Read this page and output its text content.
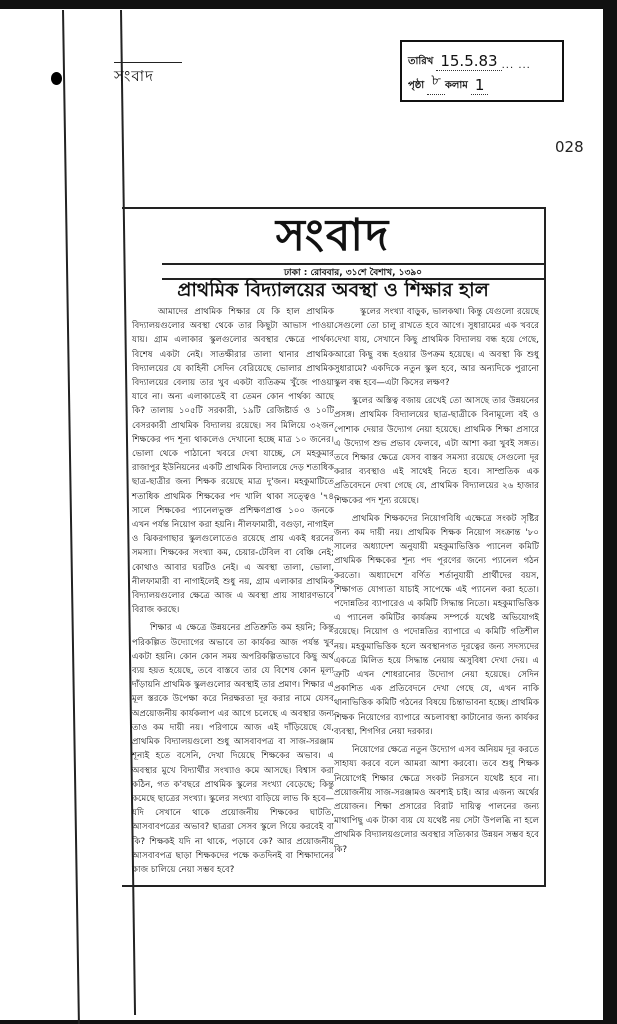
সংবাদ
তারিখ 15.5.83 ... ...
পৃষ্ঠা ৮ কলাম 1
028
সংবাদ
ঢাকা : রোববার, ৩১শে বৈশাখ, ১৩৯০
প্রাথমিক বিদ্যালয়ের অবস্থা ও শিক্ষার হাল

আমাদের প্রাথমিক শিক্ষার যে কি হাল প্রাথমিক বিদ্যালয়গুলোর অবস্থা থেকে তার কিছুটা আভাস পাওয়া যায়। গ্রাম এলাকার স্কুলগুলোর অবস্থার ক্ষেত্রে পার্থক্য বিশেষ একটা নেই। সাতক্ষীরার তালা থানার প্রাথমিক বিদ্যালয়ের যে কাহিনী সেদিন বেরিয়েছে ভোলার প্রাথমিক বিদ্যালয়ের বেলায় তার খুব একটা ব্যতিক্রম খুঁজে পাওয়া যাবে না। অন্য এলাকাতেই বা তেমন কোন পার্থক্য আছে কি? তালায় ১০৫টি সরকারী, ১৯টি রেজিষ্টার্ড ও ১০টি বেসরকারী প্রাথমিক বিদ্যালয় রয়েছে। সব মিলিয়ে ৩২জন শিক্ষকের পদ শূন্য থাকলেও দেখানো হচ্ছে মাত্র ১০ জনের। ভোলা থেকে পাঠানো খবরে দেখা যাচ্ছে, সে মহকুমার রাজাপুর ইউনিয়নের একটি প্রাথমিক বিদ্যালয়ে দেড় শতাধিক ছাত্র-ছাত্রীর জন্য শিক্ষক রয়েছে মাত্র দু'জন। মহকুমাটিতে শতাধিক প্রাথমিক শিক্ষকের পদ খালি থাকা সত্ত্বেও '৭৪ সালে শিক্ষকের প্যানেলভুক্ত প্রশিক্ষণপ্রাপ্ত ১০০ জনকে এখন পর্যন্ত নিয়োগ করা হয়নি। নীলফামারী, বগুড়া, নাগাইল ও ঝিকরগাছার স্কুলগুলোতেও রয়েছে প্রায় একই ধরনের সমস্যা। শিক্ষকের সংখ্যা কম, চেয়ার-টেবিল বা বেঞ্চি নেই; কোথাও আবার ঘরটিও নেই। এ অবস্থা তালা, ভোলা, নীলফামারী বা নাগাইলেই শুধু নয়, গ্রাম এলাকার প্রাথমিক বিদ্যালয়গুলোর ক্ষেত্রে আজ এ অবস্থা প্রায় সাধারণভাবে বিরাজ করছে।

শিক্ষার এ ক্ষেত্রে উন্নয়নের প্রতিশ্রুতি কম হয়নি; কিন্তু পরিকল্পিত উদ্যোগের অভাবে তা কার্যকর আজ পর্যন্ত খুব একটা হয়নি। কোন কোন সময় অপরিকল্পিতভাবে কিছু অর্থ ব্যয় হয়ত হয়েছে, তবে বাস্তবে তার যে বিশেষ কোন মূল্য দাঁড়ায়নি প্রাথমিক স্কুলগুলোর অবস্থাই তার প্রমাণ। শিক্ষার এ মূল স্তরকে উপেক্ষা করে নিরক্ষরতা দূর করার নামে যেসব অপ্রয়োজনীয় কার্যকলাপ এর আগে চলেছে এ অবস্থার জন্য তাও কম দায়ী নয়। পরিণামে আজ এই দাঁড়িয়েছে যে, প্রাথমিক বিদ্যালয়গুলো শুধু আসবাবপত্র বা সাজ-সরঞ্জাম শূন্যই হতে বসেনি, দেখা দিয়েছে শিক্ষকের অভাব। এ অবস্থার মুখে বিদ্যার্থীর সংখ্যাও কমে আসছে। বিশ্বাস করা কঠিন, গত ক'বছরে প্রাথমিক স্কুলের সংখ্যা বেড়েছে; কিন্তু কমেছে ছাত্রের সংখ্যা। স্কুলের সংখ্যা বাড়িয়ে লাভ কি হবে—যদি সেখানে থাকে প্রয়োজনীয় শিক্ষকের ঘাটতি, আসবাবপত্রের অভাব? ছাত্ররা সেসব স্কুলে গিয়ে করবেই বা কি? শিক্ষকই যদি না থাকে, পড়াবে কে? আর প্রয়োজনীয় আসবাবপত্র ছাড়া শিক্ষকদের পক্ষে কতদিনই বা শিক্ষাদানের কাজ চালিয়ে নেয়া সম্ভব হবে?

স্কুলের সংখ্যা বাড়ুক, ভালকথা। কিন্তু যেগুলো রয়েছে সেগুলো তো চালু রাখতে হবে আগে। সুধারামের এক খবরে দেখা যায়, সেখানে কিছু প্রাথমিক বিদ্যালয় বন্ধ হয়ে গেছে, আরো কিছু বন্ধ হওয়ার উপক্রম হয়েছে। এ অবস্থা কি শুধু সুধারামে? একদিকে নতুন স্কুল হবে, আর অন্যদিকে পুরানো স্কুল বন্ধ হবে—এটা কিসের লক্ষণ?

স্কুলের অস্তিত্ব বজায় রেখেই তো আসছে তার উন্নয়নের প্রসঙ্গ। প্রাথমিক বিদ্যালয়ের ছাত্র-ছাত্রীকে বিনামূল্যে বই ও পোশাক দেয়ার উদ্যোগ নেয়া হয়েছে। প্রাথমিক শিক্ষা প্রসারে এ উদ্যোগ শুভ প্রভাব ফেলবে, এটা আশা করা খুবই সঙ্গত। তবে শিক্ষার ক্ষেত্রে যেসব বাস্তব সমস্যা রয়েছে সেগুলো দূর করার ব্যবস্থাও এই সাথেই নিতে হবে। সাম্প্রতিক এক প্রতিবেদনে দেখা গেছে যে, প্রাথমিক বিদ্যালয়ের ২৬ হাজার শিক্ষকের পদ শূন্য রয়েছে।

প্রাথমিক শিক্ষকদের নিয়োগবিধি এক্ষেত্রে সংকট সৃষ্টির জন্য কম দায়ী নয়। প্রাথমিক শিক্ষক নিয়োগ সংক্রান্ত '৮০ সালের অধ্যাদেশ অনুযায়ী মহকুমাভিত্তিক প্যানেল কমিটি প্রাথমিক শিক্ষকের শূন্য পদ পূরণের জন্যে প্যানেল গঠন করতো। অধ্যাদেশে বর্ণিত শর্তানুযায়ী প্রার্থীদের বয়স, শিক্ষাগত যোগ্যতা যাচাই সাপেক্ষে এই প্যানেল করা হতো। পদোন্নতির ব্যাপারেও এ কমিটি সিদ্ধান্ত নিতো। মহকুমাভিত্তিক এ প্যানেল কমিটির কার্যক্রম সম্পর্কে যথেষ্ট অভিযোগই রয়েছে। নিয়োগ ও পদোন্নতির ব্যাপারে এ কমিটি গতিশীল নয়। মহকুমাভিত্তিক হলে অবস্থানগত দূরত্বের জন্য সদস্যদের একত্রে মিলিত হয়ে সিদ্ধান্ত নেয়ায় অসুবিধা দেখা দেয়। এ ত্রুটি এখন শোধরানোর উদ্যোগ নেয়া হয়েছে। সেদিন প্রকাশিত এক প্রতিবেদনে দেখা গেছে যে, এখন নাকি থানাভিত্তিক কমিটি গঠনের বিষয়ে চিন্তাভাবনা হচ্ছে। প্রাথমিক শিক্ষক নিয়োগের ব্যাপারে অচলাবস্থা কাটানোর জন্য কার্যকর ব্যবস্থা, শিগগির নেয়া দরকার।

নিয়োগের ক্ষেত্রে নতুন উদ্যোগ এসব অনিয়ম দূর করতে সাহায্য করবে বলে আমরা আশা করবো। তবে শুধু শিক্ষক নিয়োগেই শিক্ষার ক্ষেত্রে সংকট নিরসনে যথেষ্ট হবে না। প্রয়োজনীয় সাজ-সরঞ্জামও অবশ্যই চাই। আর এজন্য অর্থের প্রয়োজন। শিক্ষা প্রসারের বিরাট দায়িত্ব পালনের জন্য মাথাপিছু এক টাকা ব্যয় যে যথেষ্ট নয় সেটা উপলব্ধি না হলে প্রাথমিক বিদ্যালয়গুলোর অবস্থার সত্যিকার উন্নয়ন সম্ভব হবে কি?
